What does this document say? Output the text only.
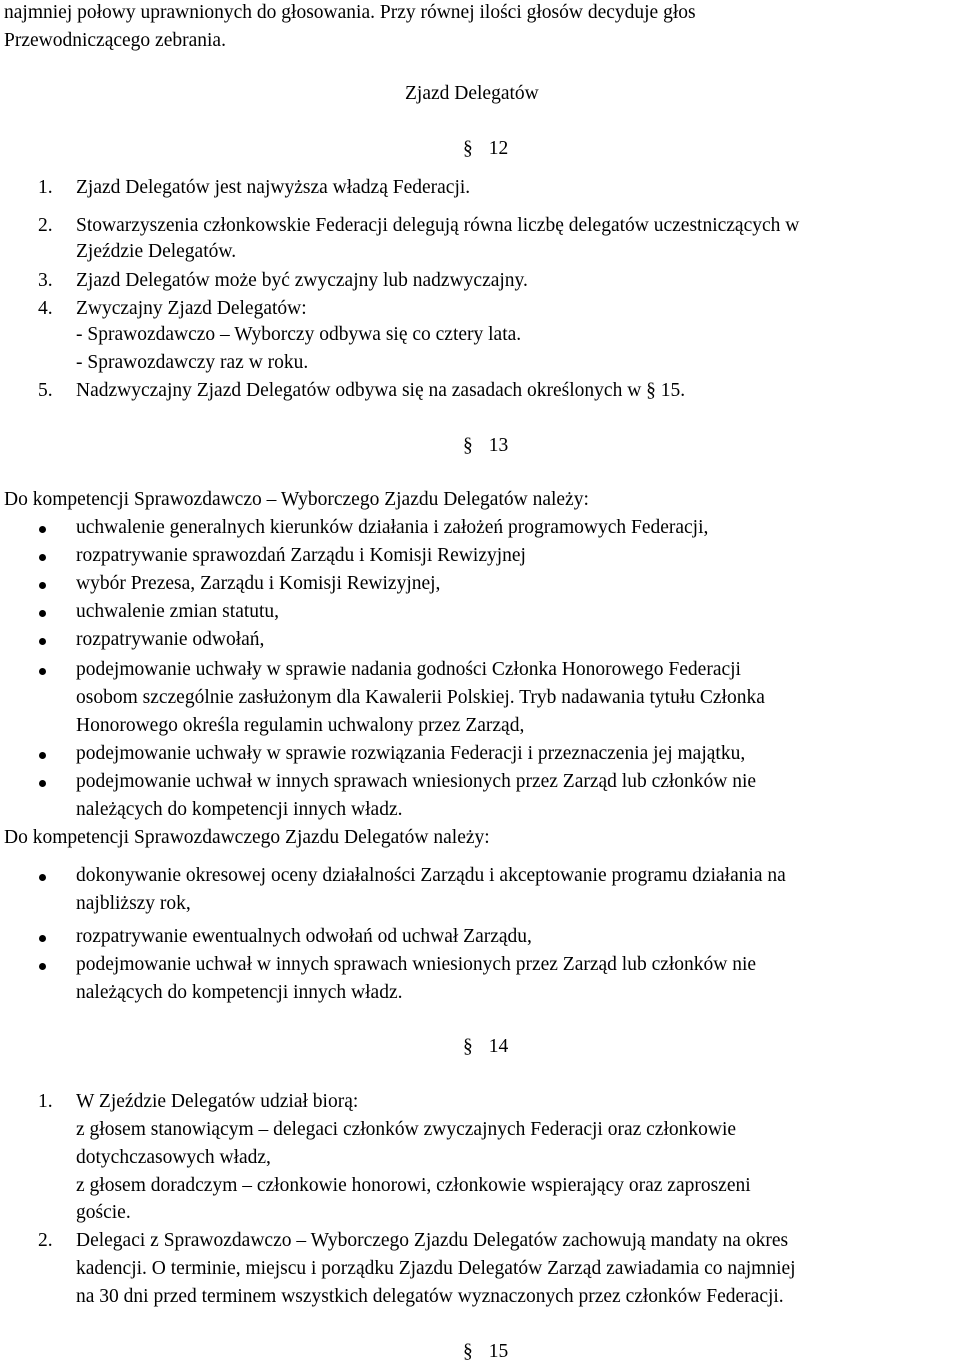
najmniej połowy uprawnionych do głosowania. Przy równej ilości głosów decyduje głos
Przewodniczącego zebrania.
Zjazd Delegatów
§ 12
1. Zjazd Delegatów jest najwyższa władzą Federacji.
2. Stowarzyszenia członkowskie Federacji delegują równa liczbę delegatów uczestniczących w
Zjeździe Delegatów.
3. Zjazd Delegatów może być zwyczajny lub nadzwyczajny.
4. Zwyczajny Zjazd Delegatów:
- Sprawozdawczo – Wyborczy odbywa się co cztery lata.
- Sprawozdawczy raz w roku.
5. Nadzwyczajny Zjazd Delegatów odbywa się na zasadach określonych w § 15.
§ 13
Do kompetencji Sprawozdawczo – Wyborczego Zjazdu Delegatów należy:
uchwalenie generalnych kierunków działania i założeń programowych Federacji,
rozpatrywanie sprawozdań Zarządu i Komisji Rewizyjnej
wybór Prezesa, Zarządu i Komisji Rewizyjnej,
uchwalenie zmian statutu,
rozpatrywanie odwołań,
podejmowanie uchwały w sprawie nadania godności Członka Honorowego Federacji
osobom szczególnie zasłużonym dla Kawalerii Polskiej. Tryb nadawania tytułu Członka
Honorowego określa regulamin uchwalony przez Zarząd,
podejmowanie uchwały w sprawie rozwiązania Federacji i przeznaczenia jej majątku,
podejmowanie uchwał w innych sprawach wniesionych przez Zarząd lub członków nie
należących do kompetencji innych władz.
Do kompetencji Sprawozdawczego Zjazdu Delegatów należy:
dokonywanie okresowej oceny działalności Zarządu i akceptowanie programu działania na
najbliższy rok,
rozpatrywanie ewentualnych odwołań od uchwał Zarządu,
podejmowanie uchwał w innych sprawach wniesionych przez Zarząd lub członków nie
należących do kompetencji innych władz.
§ 14
1. W Zjeździe Delegatów udział biorą:
z głosem stanowiącym – delegaci członków zwyczajnych Federacji oraz członkowie
dotychczasowych władz,
z głosem doradczym – członkowie honorowi, członkowie wspierający oraz zaproszeni
goście.
2. Delegaci z Sprawozdawczo – Wyborczego Zjazdu Delegatów zachowują mandaty na okres
kadencji. O terminie, miejscu i porządku Zjazdu Delegatów Zarząd zawiadamia co najmniej
na 30 dni przed terminem wszystkich delegatów wyznaczonych przez członków Federacji.
§ 15
